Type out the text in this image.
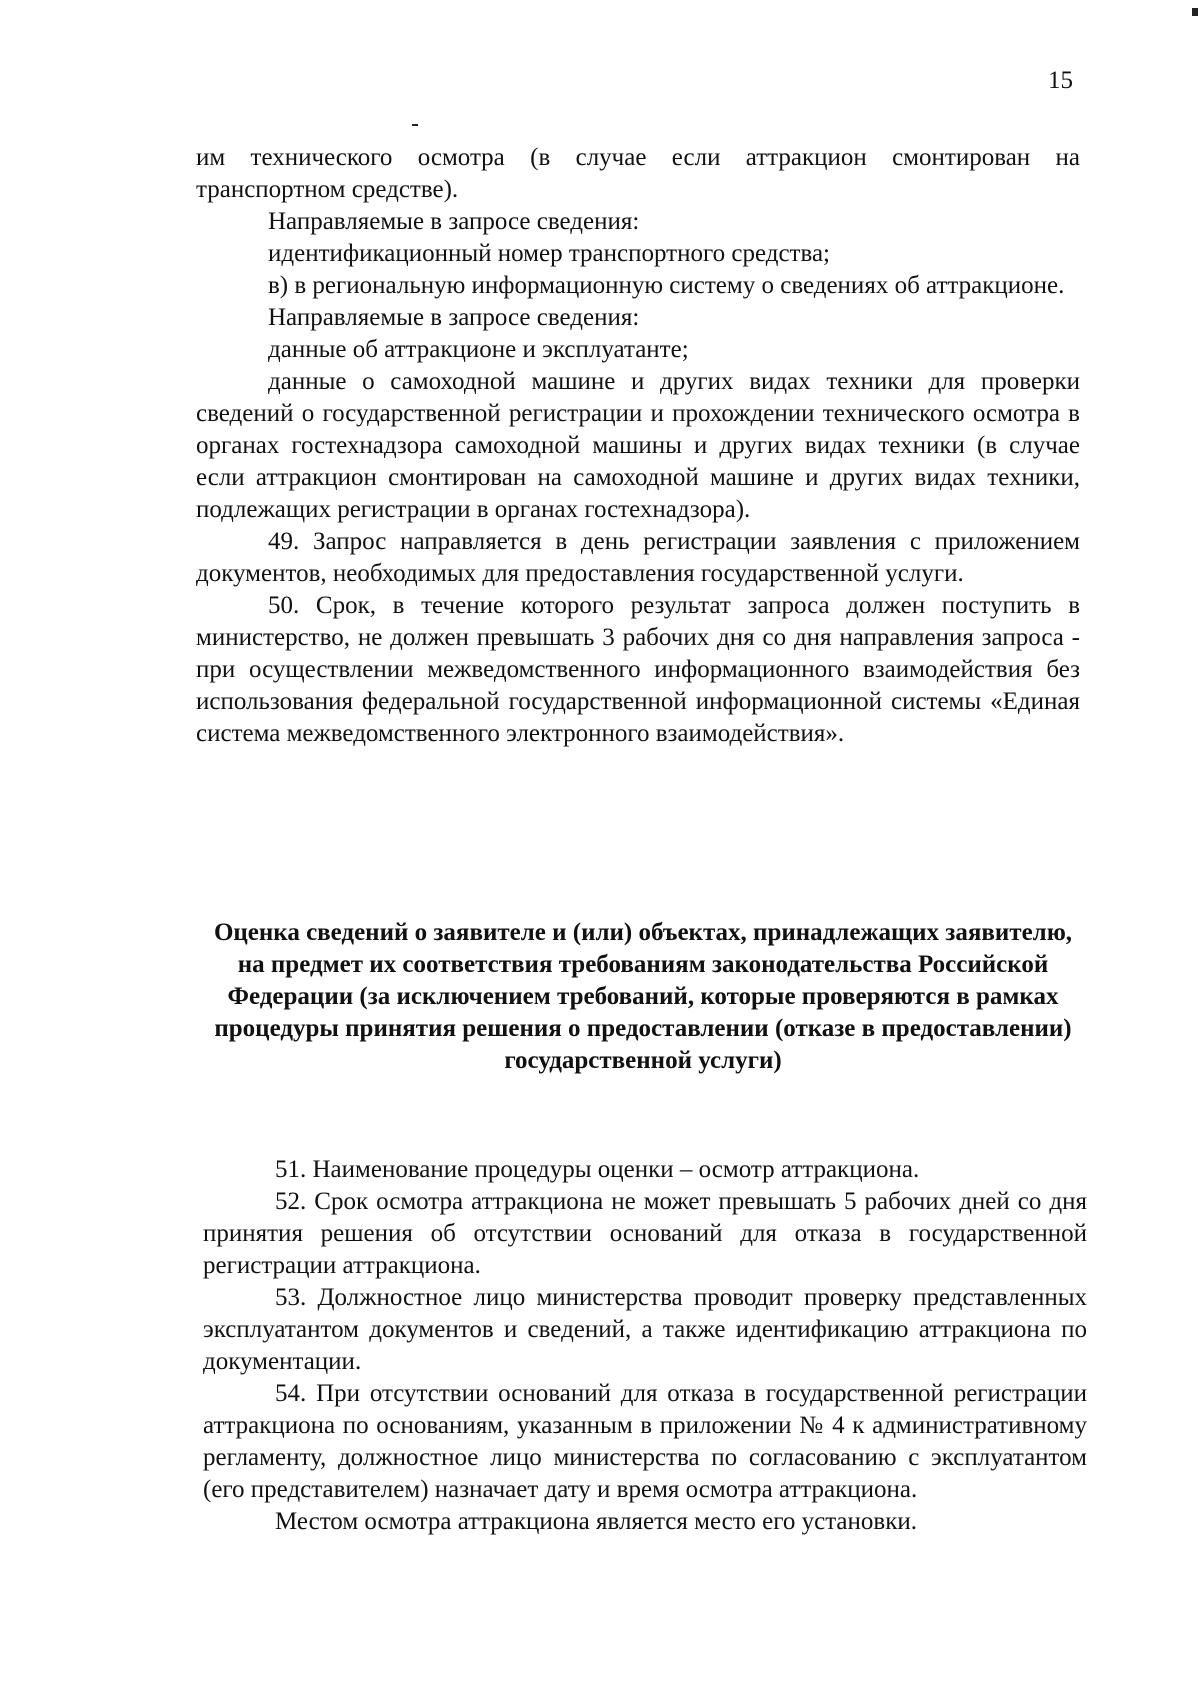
15

им технического осмотра (в случае если аттракцион смонтирован на транспортном средстве).

Направляемые в запросе сведения:

идентификационный номер транспортного средства;

в) в региональную информационную систему о сведениях об аттракционе.

Направляемые в запросе сведения:

данные об аттракционе и эксплуатанте;

данные о самоходной машине и других видах техники для проверки сведений о государственной регистрации и прохождении технического осмотра в органах гостехнадзора самоходной машины и других видах техники (в случае если аттракцион смонтирован на самоходной машине и других видах техники, подлежащих регистрации в органах гостехнадзора).

49. Запрос направляется в день регистрации заявления с приложением документов, необходимых для предоставления государственной услуги.

50. Срок, в течение которого результат запроса должен поступить в министерство, не должен превышать 3 рабочих дня со дня направления запроса - при осуществлении межведомственного информационного взаимодействия без использования федеральной государственной информационной системы «Единая система межведомственного электронного взаимодействия».

Оценка сведений о заявителе и (или) объектах, принадлежащих заявителю, на предмет их соответствия требованиям законодательства Российской Федерации (за исключением требований, которые проверяются в рамках процедуры принятия решения о предоставлении (отказе в предоставлении) государственной услуги)

51. Наименование процедуры оценки – осмотр аттракциона.

52. Срок осмотра аттракциона не может превышать 5 рабочих дней со дня принятия решения об отсутствии оснований для отказа в государственной регистрации аттракциона.

53. Должностное лицо министерства проводит проверку представленных эксплуатантом документов и сведений, а также идентификацию аттракциона по документации.

54. При отсутствии оснований для отказа в государственной регистрации аттракциона по основаниям, указанным в приложении № 4 к административному регламенту, должностное лицо министерства по согласованию с эксплуатантом (его представителем) назначает дату и время осмотра аттракциона.

Местом осмотра аттракциона является место его установки.
